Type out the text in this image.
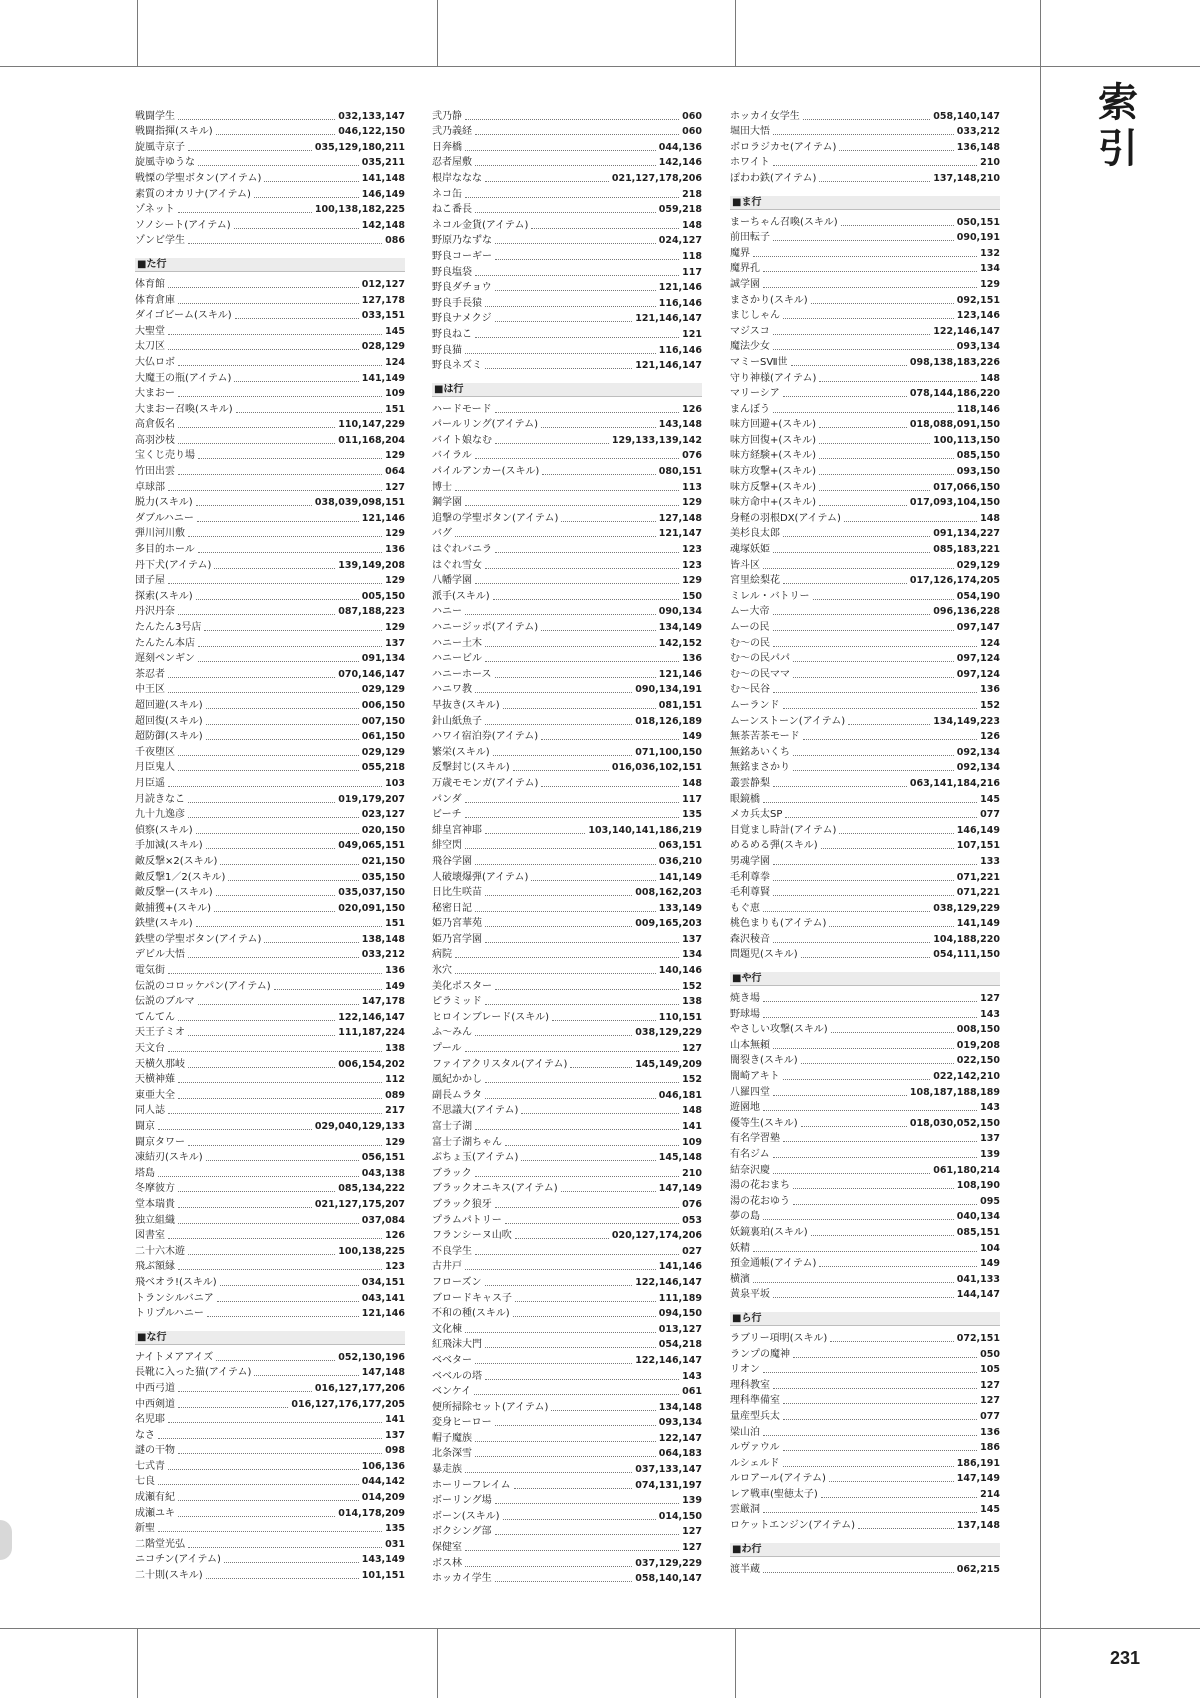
索引
戦闘学生	032,133,147
戦闘指揮(スキル)	046,122,150
旋風寺京子	035,129,180,211
旋風寺ゆうな	035,211
戦慄の学聖ボタン(アイテム)	141,148
素質のオカリナ(アイテム)	146,149
ゾネット	100,138,182,225
ソノシート(アイテム)	142,148
ゾンビ学生	086
■た行
体育館	012,127
体育倉庫	127,178
ダイゴビーム(スキル)	033,151
大聖堂	145
太刀区	028,129
大仏ロボ	124
大魔王の瓶(アイテム)	141,149
大まおー	109
大まおー召喚(スキル)	151
高倉仮名	110,147,229
高羽沙枝	011,168,204
宝くじ売り場	129
竹田出雲	064
卓球部	127
脱力(スキル)	038,039,098,151
ダブルハニー	121,146
弾川河川敷	129
多目的ホール	136
丹下犬(アイテム)	139,149,208
団子屋	129
探索(スキル)	005,150
丹沢丹奈	087,188,223
たんたん3号店	129
たんたん本店	137
遅刻ペンギン	091,134
茶忍者	070,146,147
中王区	029,129
超回避(スキル)	006,150
超回復(スキル)	007,150
超防御(スキル)	061,150
千夜堕区	029,129
月臣鬼人	055,218
月臣遥	103
月読きなこ	019,179,207
九十九逸彦	023,127
偵察(スキル)	020,150
手加減(スキル)	049,065,151
敵反撃×2(スキル)	021,150
敵反撃1／2(スキル)	035,150
敵反撃ー(スキル)	035,037,150
敵捕獲+(スキル)	020,091,150
鉄壁(スキル)	151
鉄壁の学聖ボタン(アイテム)	138,148
デビル大悟	033,212
電気街	136
伝説のコロッケパン(アイテム)	149
伝説のブルマ	147,178
てんてん	122,146,147
天王子ミオ	111,187,224
天文台	138
天横久那岐	006,154,202
天横神薙	112
東亜大全	089
同人誌	217
闘京	029,040,129,133
闘京タワー	129
凍結刃(スキル)	056,151
塔島	043,138
冬摩彼方	085,134,222
堂本瑞貴	021,127,175,207
独立組織	037,084
図書室	126
二十六木遊	100,138,225
飛ぶ額縁	123
飛べオラ!(スキル)	034,151
トランシルバニア	043,141
トリプルハニー	121,146
■な行
ナイトメアアイズ	052,130,196
長靴に入った猫(アイテム)	147,148
中西弓道	016,127,177,206
中西剣道	016,127,176,177,205
名児耶	141
なさ	137
謎の干物	098
七式青	106,136
七良	044,142
成瀬有紀	014,209
成瀬ユキ	014,178,209
新聖	135
二階堂光弘	031
ニコチン(アイテム)	143,149
二十則(スキル)	101,151
弐乃静	060
弐乃義経	060
日奔橋	044,136
忍者屋敷	142,146
根岸ななな	021,127,178,206
ネコ缶	218
ねこ番長	059,218
ネコル金貨(アイテム)	148
野原乃なずな	024,127
野良コーギー	118
野良塩袋	117
野良ダチョウ	121,146
野良手長猿	116,146
野良ナメクジ	121,146,147
野良ねこ	121
野良猫	116,146
野良ネズミ	121,146,147
■は行
ハードモード	126
パールリング(アイテム)	143,148
バイト娘なむ	129,133,139,142
バイラル	076
パイルアンカー(スキル)	080,151
博士	113
鋼学園	129
追撃の学聖ボタン(アイテム)	127,148
バグ	121,147
はぐれバニラ	123
はぐれ雪女	123
八幡学園	129
派手(スキル)	150
ハニー	090,134
ハニージッポ(アイテム)	134,149
ハニー土木	142,152
ハニービル	136
ハニーホース	121,146
ハニワ教	090,134,191
早抜き(スキル)	081,151
針山紙魚子	018,126,189
ハワイ宿泊券(アイテム)	149
繁栄(スキル)	071,100,150
反撃封じ(スキル)	016,036,102,151
万歳モモンガ(アイテム)	148
パンダ	117
ビーチ	135
緋皇宮神耶	103,140,141,186,219
緋空閃	063,151
飛谷学園	036,210
人破壊爆弾(アイテム)	141,149
日比生咲苗	008,162,203
秘密日記	133,149
姫乃宮華苑	009,165,203
姫乃宮学園	137
病院	134
氷穴	140,146
美化ポスター	152
ピラミッド	138
ヒロインブレード(スキル)	110,151
ふ～みん	038,129,229
プール	127
ファイアクリスタル(アイテム)	145,149,209
風紀かかし	152
副長ムラタ	046,181
不思議大(アイテム)	148
富士子湖	141
富士子湖ちゃん	109
ぶちょ玉(アイテム)	145,148
ブラック	210
ブラックオニキス(アイテム)	147,149
ブラック狼牙	076
プラムパトリー	053
フランシーヌ山吹	020,127,174,206
不良学生	027
古井戸	141,146
フローズン	122,146,147
ブロードキャス子	111,189
不和の種(スキル)	094,150
文化棟	013,127
紅飛沫大門	054,218
ベベター	122,146,147
ベベルの塔	143
ベンケイ	061
便所掃除セット(アイテム)	134,148
変身ヒーロー	093,134
帽子魔族	122,147
北条深雪	064,183
暴走族	037,133,147
ホーリーフレイム	074,131,197
ボーリング場	139
ボーン(スキル)	014,150
ボクシング部	127
保健室	127
ボス林	037,129,229
ホッカイ学生	058,140,147
ホッカイ女学生	058,140,147
堀田大悟	033,212
ボロラジカセ(アイテム)	136,148
ホワイト	210
ぽわわ鉄(アイテム)	137,148,210
■ま行
まーちゃん召喚(スキル)	050,151
前田転子	090,191
魔界	132
魔界孔	134
誠学園	129
まさかり(スキル)	092,151
まじしゃん	123,146
マジスコ	122,146,147
魔法少女	093,134
マミーSⅦ世	098,138,183,226
守り神様(アイテム)	148
マリーシア	078,144,186,220
まんぼう	118,146
味方回避+(スキル)	018,088,091,150
味方回復+(スキル)	100,113,150
味方経験+(スキル)	085,150
味方攻撃+(スキル)	093,150
味方反撃+(スキル)	017,066,150
味方命中+(スキル)	017,093,104,150
身軽の羽根DX(アイテム)	148
美杉良太郎	091,134,227
魂塚妖姫	085,183,221
皆斗区	029,129
宮里絵梨花	017,126,174,205
ミレル・バトリー	054,190
ムー大帝	096,136,228
ムーの民	097,147
む～の民	124
む～の民パパ	097,124
む～の民ママ	097,124
む～民谷	136
ムーランド	152
ムーンストーン(アイテム)	134,149,223
無茶苦茶モード	126
無銘あいくち	092,134
無銘まさかり	092,134
叢雲静梨	063,141,184,216
眼鏡橋	145
メカ兵太SP	077
目覚まし時計(アイテム)	146,149
めるめる弾(スキル)	107,151
男魂学園	133
毛利尊拳	071,221
毛利尊賢	071,221
もぐ恵	038,129,229
桃色まりも(アイテム)	141,149
森沢稜音	104,188,220
問題児(スキル)	054,111,150
■や行
焼き場	127
野球場	143
やさしい攻撃(スキル)	008,150
山本無頼	019,208
闇裂き(スキル)	022,150
闇崎アキト	022,142,210
八羅四堂	108,187,188,189
遊園地	143
優等生(スキル)	018,030,052,150
有名学習塾	137
有名ジム	139
結奈沢慶	061,180,214
湯の花おまち	108,190
湯の花おゆう	095
夢の島	040,134
妖鏡裏珀(スキル)	085,151
妖精	104
預金通帳(アイテム)	149
横濱	041,133
黄泉平坂	144,147
■ら行
ラブリー項明(スキル)	072,151
ランプの魔神	050
リオン	105
理科教室	127
理科準備室	127
量産型兵太	077
梁山泊	136
ルヴァウル	186
ルシェルド	186,191
ルロアール(アイテム)	147,149
レア戦車(聖徳太子)	214
雲厳洞	145
ロケットエンジン(アイテム)	137,148
■わ行
渡半蔵	062,215
231
